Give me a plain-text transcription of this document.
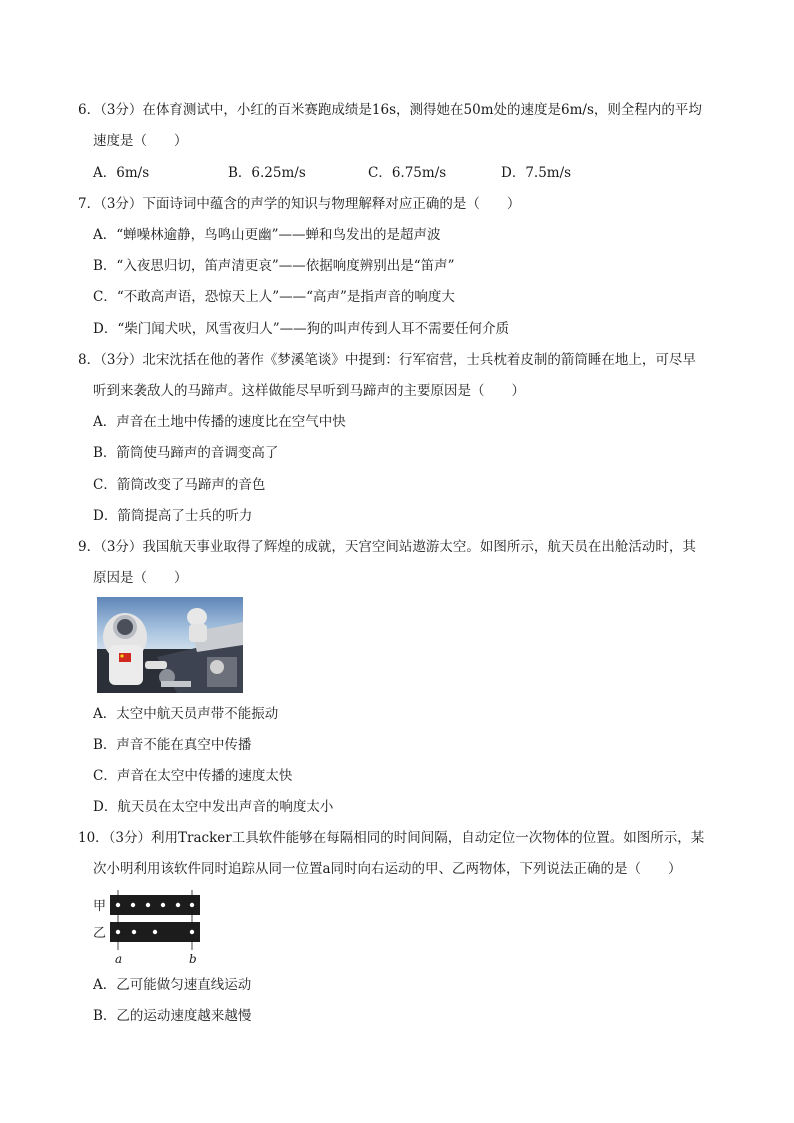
6．（3分）在体育测试中，小红的百米赛跑成绩是16s，测得她在50m处的速度是6m/s，则全程内的平均
速度是（　　）
A．6m/s	B．6.25m/s	C．6.75m/s	D．7.5m/s
7．（3分）下面诗词中蕴含的声学的知识与物理解释对应正确的是（　　）
A．“蝉噪林逾静，鸟鸣山更幽”——蝉和鸟发出的是超声波
B．“入夜思归切，笛声清更哀”——依据响度辨别出是“笛声”
C．“不敢高声语，恐惊天上人”——“高声”是指声音的响度大
D．“柴门闻犬吠，风雪夜归人”——狗的叫声传到人耳不需要任何介质
8．（3分）北宋沈括在他的著作《梦溪笔谈》中提到：行军宿营，士兵枕着皮制的箭筒睡在地上，可尽早
听到来袭敌人的马蹄声。这样做能尽早听到马蹄声的主要原因是（　　）
A．声音在土地中传播的速度比在空气中快
B．箭筒使马蹄声的音调变高了
C．箭筒改变了马蹄声的音色
D．箭筒提高了士兵的听力
9．（3分）我国航天事业取得了辉煌的成就，天宫空间站遨游太空。如图所示，航天员在出舱活动时，其
原因是（　　）
A．太空中航天员声带不能振动
B．声音不能在真空中传播
C．声音在太空中传播的速度太快
D．航天员在太空中发出声音的响度太小
10．（3分）利用Tracker工具软件能够在每隔相同的时间间隔，自动定位一次物体的位置。如图所示，某
次小明利用该软件同时追踪从同一位置a同时向右运动的甲、乙两物体，下列说法正确的是（　　）
甲
乙
a	b
A．乙可能做匀速直线运动
B．乙的运动速度越来越慢
